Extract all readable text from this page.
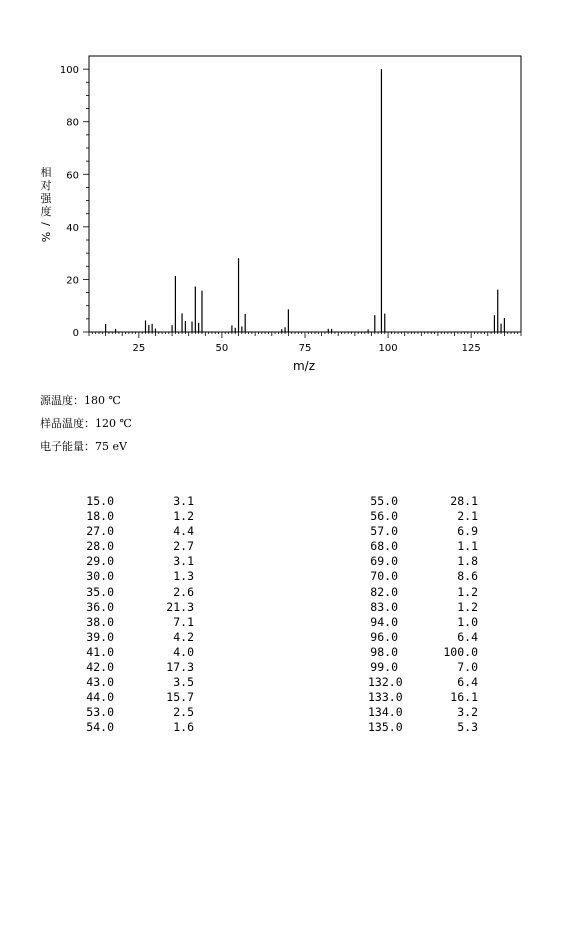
25	50	75	100	125
0
20
40
60
80
100
m/z
相
对
强
度
/
%
源温度：180 ℃
样品温度：120 ℃
电子能量：75 eV
15.0	3.1
18.0	1.2
27.0	4.4
28.0	2.7
29.0	3.1
30.0	1.3
35.0	2.6
36.0	21.3
38.0	7.1
39.0	4.2
41.0	4.0
42.0	17.3
43.0	3.5
44.0	15.7
53.0	2.5
54.0	1.6
55.0	28.1
56.0	2.1
57.0	6.9
68.0	1.1
69.0	1.8
70.0	8.6
82.0	1.2
83.0	1.2
94.0	1.0
96.0	6.4
98.0	100.0
99.0	7.0
132.0	6.4
133.0	16.1
134.0	3.2
135.0	5.3
